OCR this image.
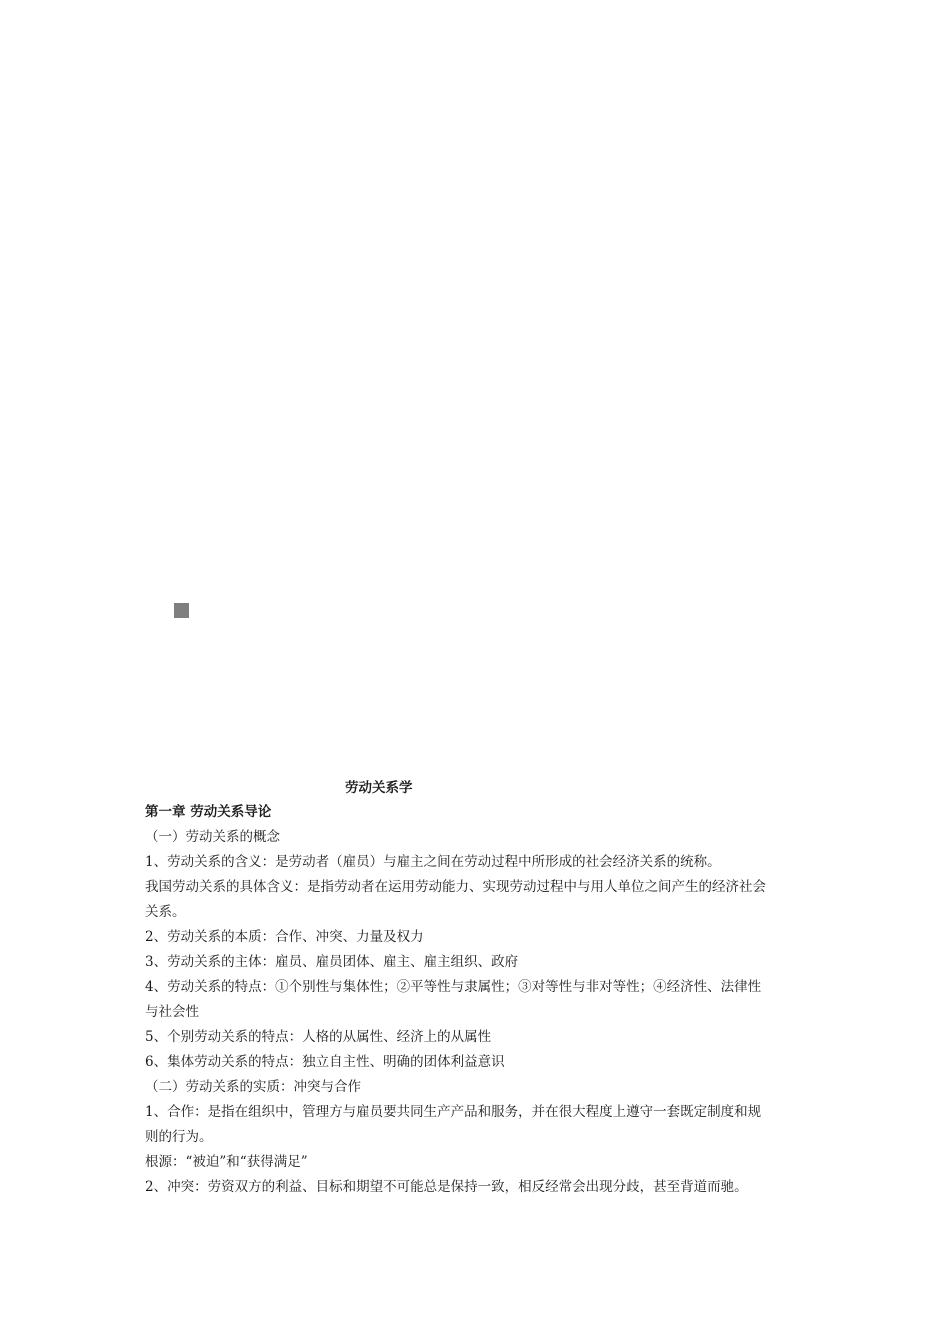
劳动关系学
第一章 劳动关系导论
（一）劳动关系的概念
1、劳动关系的含义：是劳动者（雇员）与雇主之间在劳动过程中所形成的社会经济关系的统称。
我国劳动关系的具体含义：是指劳动者在运用劳动能力、实现劳动过程中与用人单位之间产生的经济社会
关系。
2、劳动关系的本质：合作、冲突、力量及权力
3、劳动关系的主体：雇员、雇员团体、雇主、雇主组织、政府
4、劳动关系的特点：①个别性与集体性；②平等性与隶属性；③对等性与非对等性；④经济性、法律性
与社会性
5、个别劳动关系的特点：人格的从属性、经济上的从属性
6、集体劳动关系的特点：独立自主性、明确的团体利益意识
（二）劳动关系的实质：冲突与合作
1、合作：是指在组织中，管理方与雇员要共同生产产品和服务，并在很大程度上遵守一套既定制度和规
则的行为。
根源：“被迫”和“获得满足”
2、冲突：劳资双方的利益、目标和期望不可能总是保持一致，相反经常会出现分歧，甚至背道而驰。
